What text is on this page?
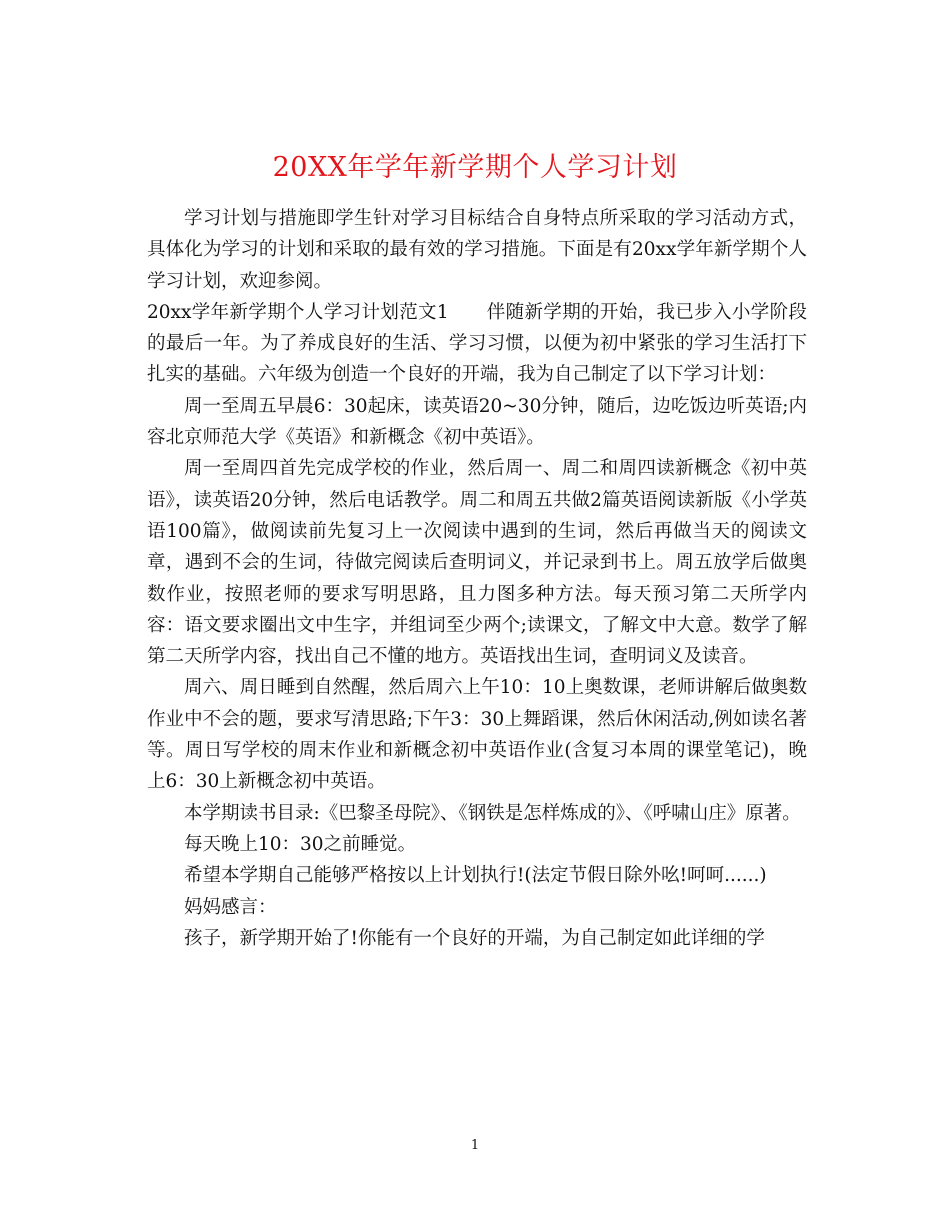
20XX年学年新学期个人学习计划

学习计划与措施即学生针对学习目标结合自身特点所采取的学习活动方式，具体化为学习的计划和采取的最有效的学习措施。下面是有20xx学年新学期个人学习计划，欢迎参阅。

20xx学年新学期个人学习计划范文1　　伴随新学期的开始，我已步入小学阶段的最后一年。为了养成良好的生活、学习习惯，以便为初中紧张的学习生活打下扎实的基础。六年级为创造一个良好的开端，我为自己制定了以下学习计划：

周一至周五早晨6：30起床，读英语20~30分钟，随后，边吃饭边听英语;内容北京师范大学《英语》和新概念《初中英语》。

周一至周四首先完成学校的作业，然后周一、周二和周四读新概念《初中英语》，读英语20分钟，然后电话教学。周二和周五共做2篇英语阅读新版《小学英语100篇》，做阅读前先复习上一次阅读中遇到的生词，然后再做当天的阅读文章，遇到不会的生词，待做完阅读后查明词义，并记录到书上。周五放学后做奥数作业，按照老师的要求写明思路，且力图多种方法。每天预习第二天所学内容：语文要求圈出文中生字，并组词至少两个;读课文，了解文中大意。数学了解第二天所学内容，找出自己不懂的地方。英语找出生词，查明词义及读音。

周六、周日睡到自然醒，然后周六上午10：10上奥数课，老师讲解后做奥数作业中不会的题，要求写清思路;下午3：30上舞蹈课，然后休闲活动,例如读名著等。周日写学校的周末作业和新概念初中英语作业(含复习本周的课堂笔记)，晚上6：30上新概念初中英语。

本学期读书目录:《巴黎圣母院》、《钢铁是怎样炼成的》、《呼啸山庄》原著。

每天晚上10：30之前睡觉。

希望本学期自己能够严格按以上计划执行!(法定节假日除外吆!呵呵......)

妈妈感言：

孩子，新学期开始了!你能有一个良好的开端，为自己制定如此详细的学

1
